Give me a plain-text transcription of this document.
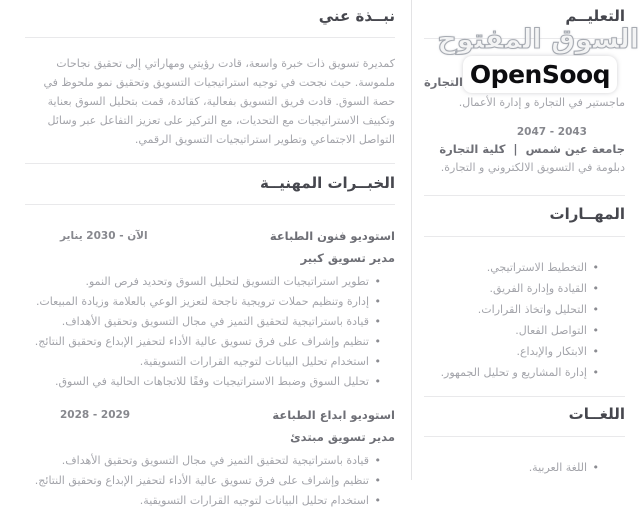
التعليــم
التجارة
ماجستير في التجارة و إدارة الأعمال.
2047 - 2043
جامعة عين شمس  |  كلية التجارة
دبلومة في التسويق الالكتروني و التجارة.
المهــارات
• التخطيط الاستراتيجي.
• القيادة وإدارة الفريق.
• التحليل واتخاذ القرارات.
• التواصل الفعال.
• الابتكار والإبداع.
• إدارة المشاريع و تحليل الجمهور.
اللغــات
• اللغة العربية.
نبــذة عني

كمديرة تسويق ذات خبرة واسعة، قادت رؤيتي ومهاراتي إلى تحقيق نجاحات ملموسة. حيث نجحت في توجيه استراتيجيات التسويق وتحقيق نمو ملحوظ في حصة السوق. قادت فريق التسويق بفعالية، كقائدة، قمت بتحليل السوق بعناية وتكييف الاستراتيجيات مع التحديات، مع التركيز على تعزيز التفاعل عبر وسائل التواصل الاجتماعي وتطوير استراتيجيات التسويق الرقمي.

الخبــرات المهنيــة
استوديو فنون الطباعة
يناير‎ 2030 - الآن
مدير تسويق كبير
• تطوير استراتيجيات التسويق لتحليل السوق وتحديد فرص النمو.
• إدارة وتنظيم حملات ترويجية ناجحة لتعزيز الوعي بالعلامة وزيادة المبيعات.
• قيادة باستراتيجية لتحقيق التميز في مجال التسويق وتحقيق الأهداف.
• تنظيم وإشراف على فرق تسويق عالية الأداء لتحفيز الإبداع وتحقيق النتائج.
• استخدام تحليل البيانات لتوجيه القرارات التسويقية.
• تحليل السوق وضبط الاستراتيجيات وفقًا للاتجاهات الحالية في السوق.
استوديو ابداع الطباعة
2028 - 2029
مدير تسويق مبتدئ
• قيادة باستراتيجية لتحقيق التميز في مجال التسويق وتحقيق الأهداف.
• تنظيم وإشراف على فرق تسويق عالية الأداء لتحفيز الإبداع وتحقيق النتائج.
• استخدام تحليل البيانات لتوجيه القرارات التسويقية.
السوق المفتوح
OpenSooq
